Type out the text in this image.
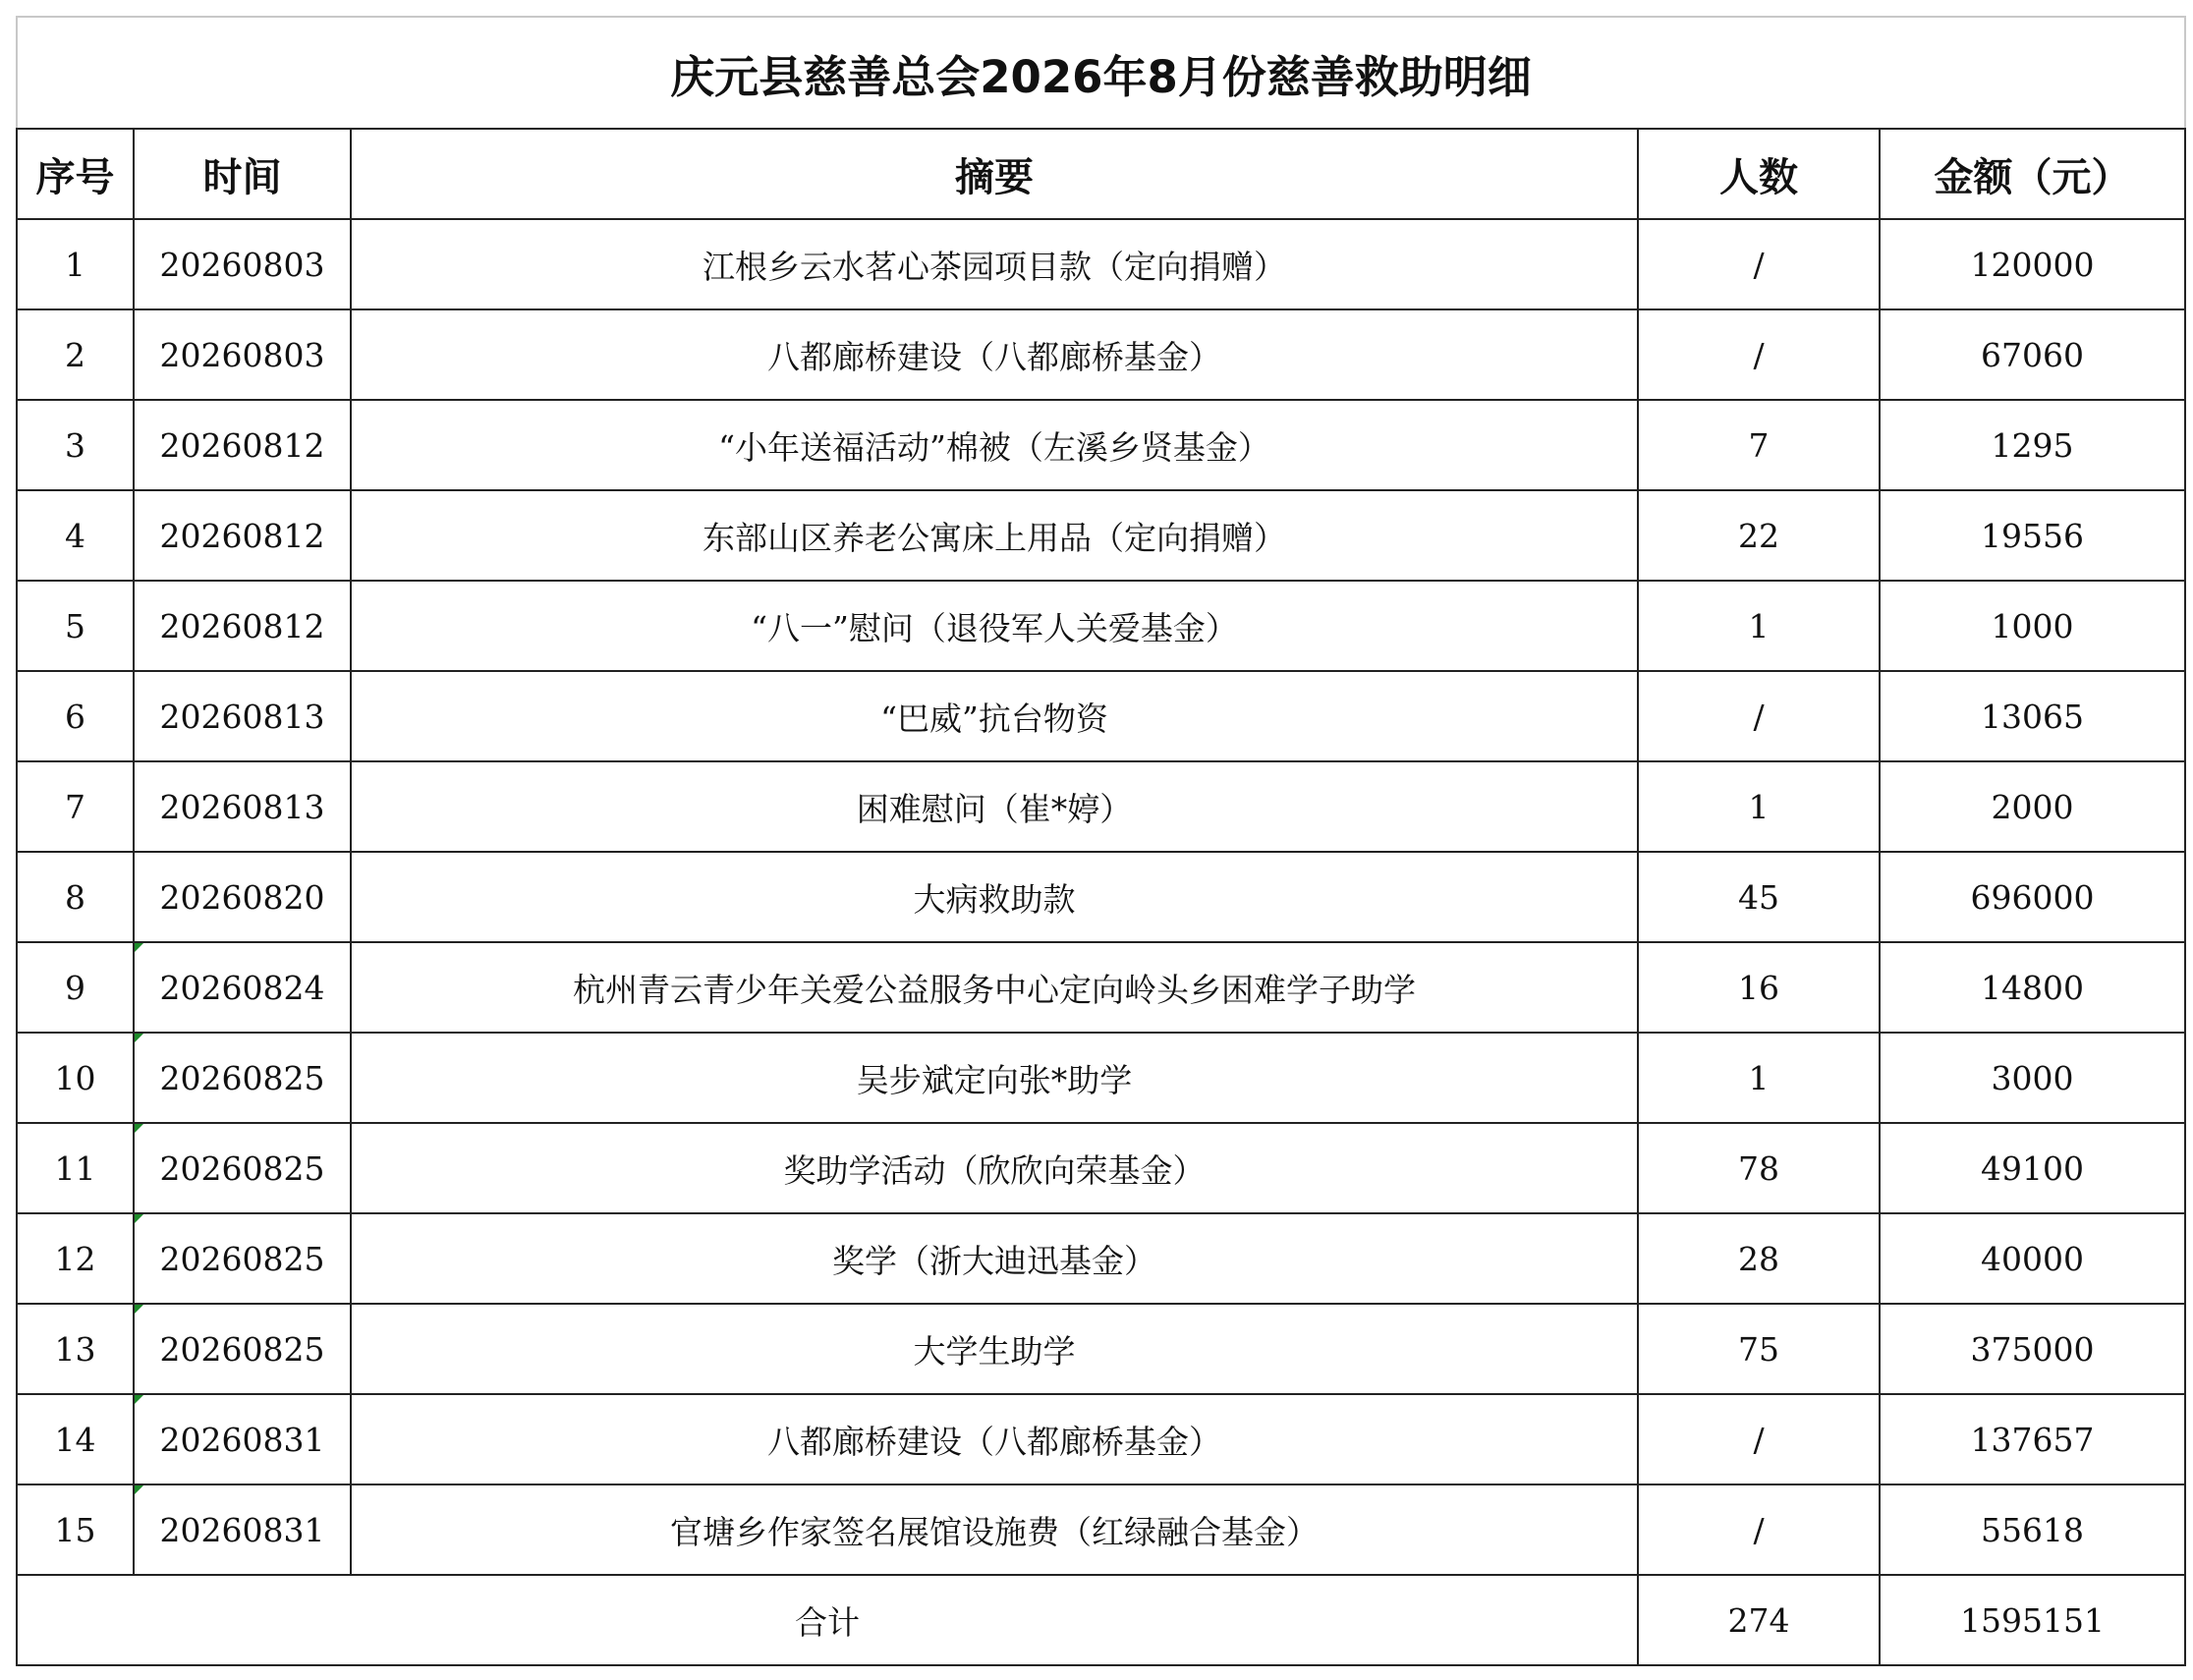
庆元县慈善总会2026年8月份慈善救助明细				
序号	时间	摘要	人数	金额（元）
1	20260803	江根乡云水茗心茶园项目款（定向捐赠）	/	120000
2	20260803	八都廊桥建设（八都廊桥基金）	/	67060
3	20260812	“小年送福活动”棉被（左溪乡贤基金）	7	1295
4	20260812	东部山区养老公寓床上用品（定向捐赠）	22	19556
5	20260812	“八一”慰问（退役军人关爱基金）	1	1000
6	20260813	“巴威”抗台物资	/	13065
7	20260813	困难慰问（崔*婷）	1	2000
8	20260820	大病救助款	45	696000
9	20260824	杭州青云青少年关爱公益服务中心定向岭头乡困难学子助学	16	14800
10	20260825	吴步斌定向张*助学	1	3000
11	20260825	奖助学活动（欣欣向荣基金）	78	49100
12	20260825	奖学（浙大迪迅基金）	28	40000
13	20260825	大学生助学	75	375000
14	20260831	八都廊桥建设（八都廊桥基金）	/	137657
15	20260831	官塘乡作家签名展馆设施费（红绿融合基金）	/	55618
合计			274	1595151
